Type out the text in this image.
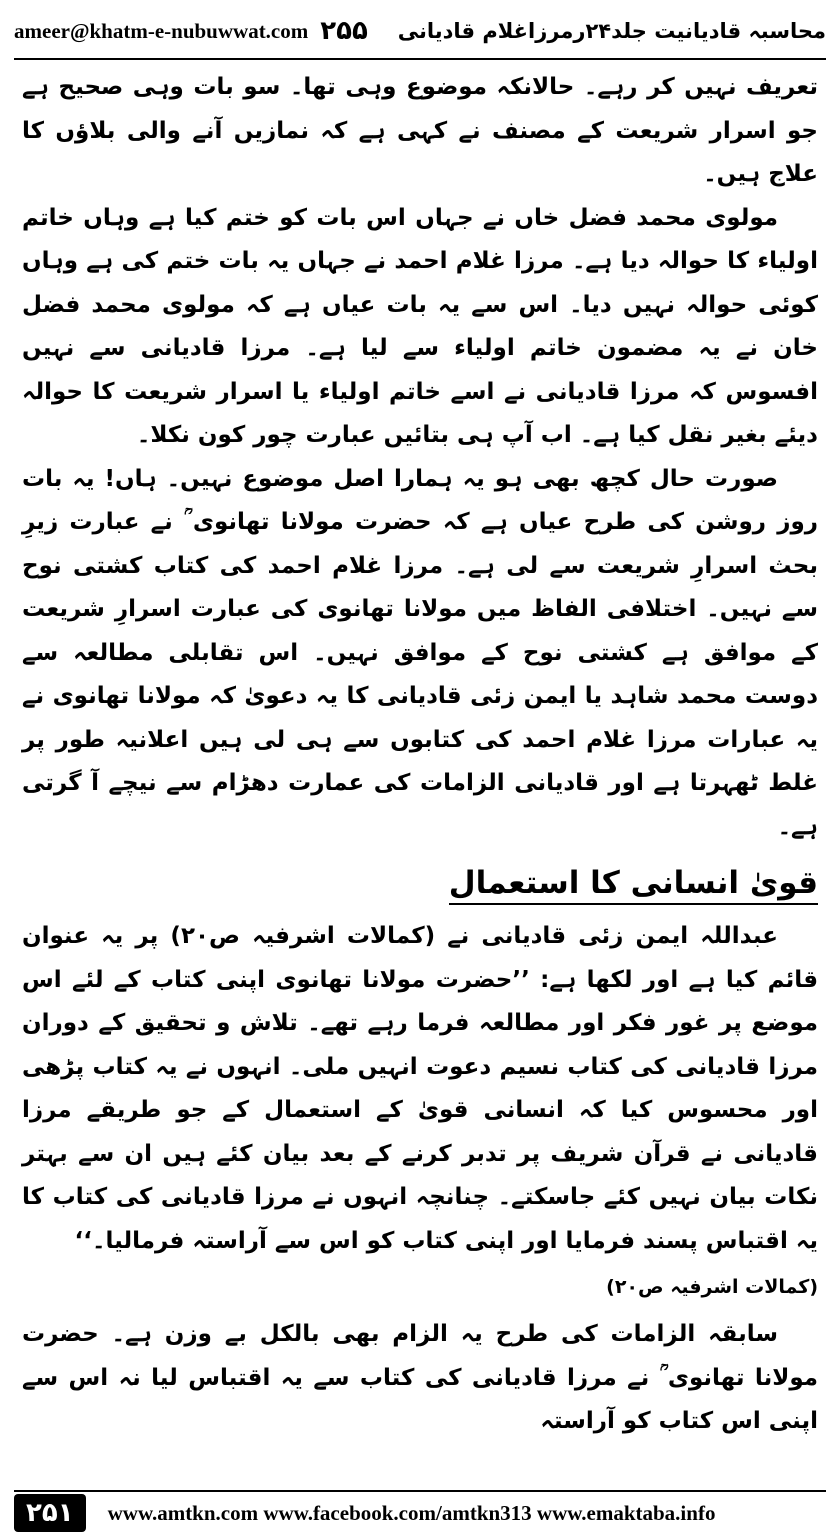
ameer@khatm-e-nubuwwat.com ۲۵۵ محاسبہ قادیانیت جلد۲۴رمرزاغلام قادیانی

تعریف نہیں کر رہے۔ حالانکہ موضوع وہی تھا۔ سو بات وہی صحیح ہے جو اسرار شریعت کے مصنف نے کہی ہے کہ نمازیں آنے والی بلاؤں کا علاج ہیں۔

مولوی محمد فضل خاں نے جہاں اس بات کو ختم کیا ہے وہاں خاتم اولیاء کا حوالہ دیا ہے۔ مرزا غلام احمد نے جہاں یہ بات ختم کی ہے وہاں کوئی حوالہ نہیں دیا۔ اس سے یہ بات عیاں ہے کہ مولوی محمد فضل خان نے یہ مضمون خاتم اولیاء سے لیا ہے۔ مرزا قادیانی سے نہیں افسوس کہ مرزا قادیانی نے اسے خاتم اولیاء یا اسرار شریعت کا حوالہ دیئے بغیر نقل کیا ہے۔ اب آپ ہی بتائیں عبارت چور کون نکلا۔

صورت حال کچھ بھی ہو یہ ہمارا اصل موضوع نہیں۔ ہاں! یہ بات روز روشن کی طرح عیاں ہے کہ حضرت مولانا تھانوی ؒ نے عبارت زیرِ بحث اسرارِ شریعت سے لی ہے۔ مرزا غلام احمد کی کتاب کشتی نوح سے نہیں۔ اختلافی الفاظ میں مولانا تھانوی کی عبارت اسرارِ شریعت کے موافق ہے کشتی نوح کے موافق نہیں۔ اس تقابلی مطالعہ سے دوست محمد شاہد یا ایمن زئی قادیانی کا یہ دعویٰ کہ مولانا تھانوی نے یہ عبارات مرزا غلام احمد کی کتابوں سے ہی لی ہیں اعلانیہ طور پر غلط ٹھہرتا ہے اور قادیانی الزامات کی عمارت دھڑام سے نیچے آ گرتی ہے۔

قویٰ انسانی کا استعمال

عبداللہ ایمن زئی قادیانی نے (کمالات اشرفیہ ص۲۰) پر یہ عنوان قائم کیا ہے اور لکھا ہے: ’’حضرت مولانا تھانوی اپنی کتاب کے لئے اس موضع پر غور فکر اور مطالعہ فرما رہے تھے۔ تلاش و تحقیق کے دوران مرزا قادیانی کی کتاب نسیم دعوت انہیں ملی۔ انہوں نے یہ کتاب پڑھی اور محسوس کیا کہ انسانی قویٰ کے استعمال کے جو طریقے مرزا قادیانی نے قرآن شریف پر تدبر کرنے کے بعد بیان کئے ہیں ان سے بہتر نکات بیان نہیں کئے جاسکتے۔ چنانچہ انہوں نے مرزا قادیانی کی کتاب کا یہ اقتباس پسند فرمایا اور اپنی کتاب کو اس سے آراستہ فرمالیا۔‘‘

(کمالات اشرفیہ ص۲۰)

سابقہ الزامات کی طرح یہ الزام بھی بالکل بے وزن ہے۔ حضرت مولانا تھانوی ؒ نے مرزا قادیانی کی کتاب سے یہ اقتباس لیا نہ اس سے اپنی اس کتاب کو آراستہ

۲۵۱	www.amtkn.com www.facebook.com/amtkn313 www.emaktaba.info
